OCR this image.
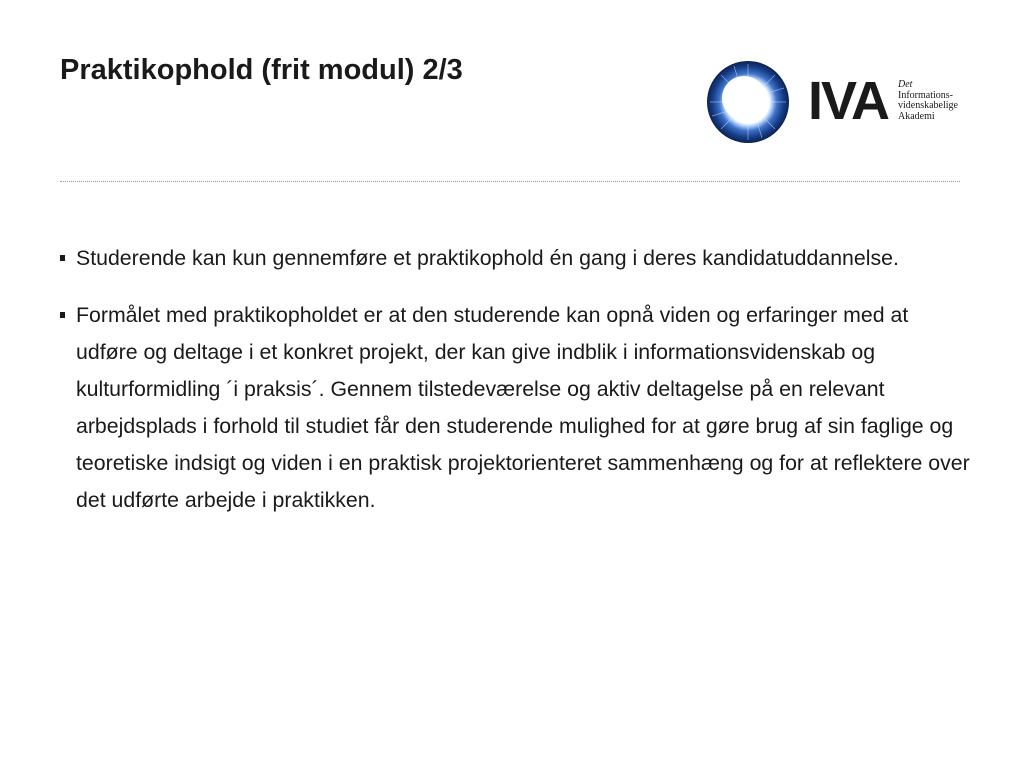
Praktikophold (frit modul) 2/3
IVA Det
Informations-
videnskabelige
Akademi
Studerende kan kun gennemføre et praktikophold én gang i deres kandidatuddannelse.
Formålet med praktikopholdet er at den studerende kan opnå viden og erfaringer med at udføre og deltage i et konkret projekt, der kan give indblik i informationsvidenskab og kulturformidling ´i praksis´. Gennem tilstedeværelse og aktiv deltagelse på en relevant arbejdsplads i forhold til studiet får den studerende mulighed for at gøre brug af sin faglige og teoretiske indsigt og viden i en praktisk projektorienteret sammenhæng og for at reflektere over det udførte arbejde i praktikken.
